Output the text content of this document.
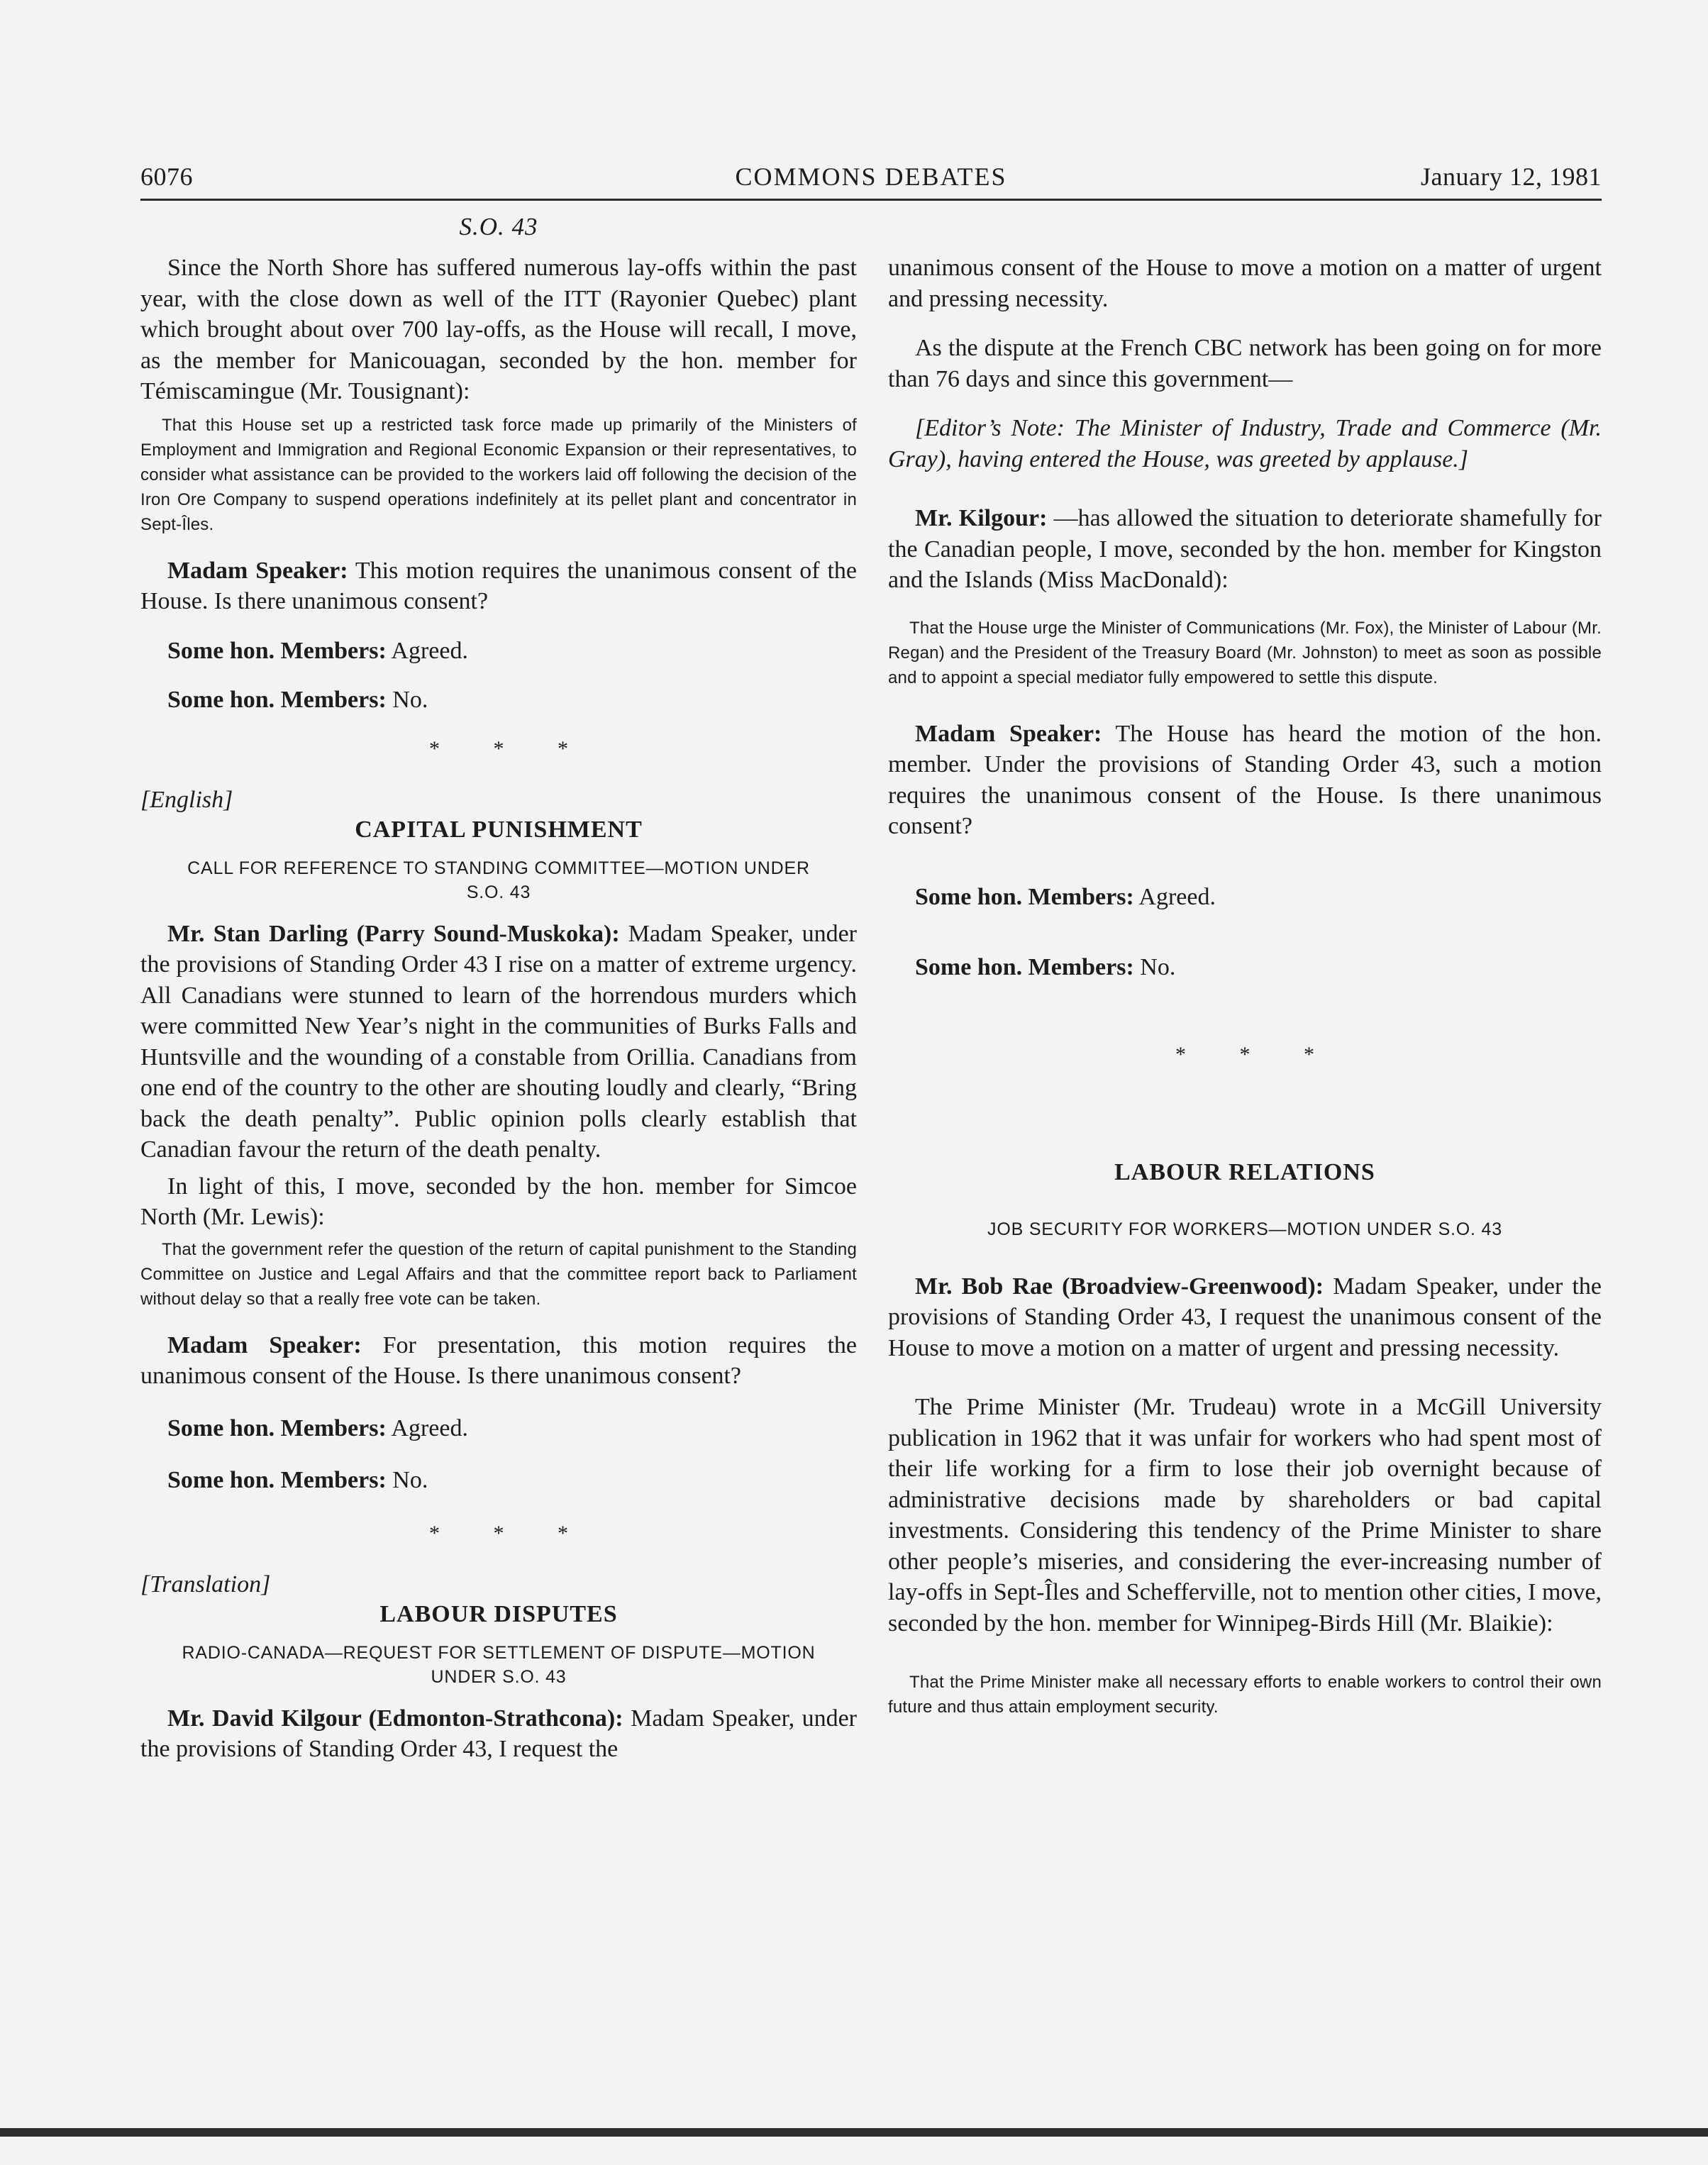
6076	COMMONS DEBATES	January 12, 1981
S.O. 43

Since the North Shore has suffered numerous lay-offs within the past year, with the close down as well of the ITT (Rayonier Quebec) plant which brought about over 700 lay-offs, as the House will recall, I move, as the member for Manicouagan, seconded by the hon. member for Témiscamingue (Mr. Tousignant):

That this House set up a restricted task force made up primarily of the Ministers of Employment and Immigration and Regional Economic Expansion or their representatives, to consider what assistance can be provided to the workers laid off following the decision of the Iron Ore Company to suspend operations indefinitely at its pellet plant and concentrator in Sept-Îles.

Madam Speaker: This motion requires the unanimous consent of the House. Is there unanimous consent?

Some hon. Members: Agreed.

Some hon. Members: No.

* * *
[English]
CAPITAL PUNISHMENT
CALL FOR REFERENCE TO STANDING COMMITTEE—MOTION UNDER S.O. 43

Mr. Stan Darling (Parry Sound-Muskoka): Madam Speaker, under the provisions of Standing Order 43 I rise on a matter of extreme urgency. All Canadians were stunned to learn of the horrendous murders which were committed New Year’s night in the communities of Burks Falls and Huntsville and the wounding of a constable from Orillia. Canadians from one end of the country to the other are shouting loudly and clearly, “Bring back the death penalty”. Public opinion polls clearly establish that Canadian favour the return of the death penalty.

In light of this, I move, seconded by the hon. member for Simcoe North (Mr. Lewis):

That the government refer the question of the return of capital punishment to the Standing Committee on Justice and Legal Affairs and that the committee report back to Parliament without delay so that a really free vote can be taken.

Madam Speaker: For presentation, this motion requires the unanimous consent of the House. Is there unanimous consent?

Some hon. Members: Agreed.

Some hon. Members: No.

* * *
[Translation]
LABOUR DISPUTES
RADIO-CANADA—REQUEST FOR SETTLEMENT OF DISPUTE—MOTION UNDER S.O. 43

Mr. David Kilgour (Edmonton-Strathcona): Madam Speaker, under the provisions of Standing Order 43, I request the

unanimous consent of the House to move a motion on a matter of urgent and pressing necessity.

As the dispute at the French CBC network has been going on for more than 76 days and since this government—

[Editor’s Note: The Minister of Industry, Trade and Commerce (Mr. Gray), having entered the House, was greeted by applause.]

Mr. Kilgour: —has allowed the situation to deteriorate shamefully for the Canadian people, I move, seconded by the hon. member for Kingston and the Islands (Miss MacDonald):

That the House urge the Minister of Communications (Mr. Fox), the Minister of Labour (Mr. Regan) and the President of the Treasury Board (Mr. Johnston) to meet as soon as possible and to appoint a special mediator fully empowered to settle this dispute.

Madam Speaker: The House has heard the motion of the hon. member. Under the provisions of Standing Order 43, such a motion requires the unanimous consent of the House. Is there unanimous consent?

Some hon. Members: Agreed.

Some hon. Members: No.

* * *
LABOUR RELATIONS
JOB SECURITY FOR WORKERS—MOTION UNDER S.O. 43

Mr. Bob Rae (Broadview-Greenwood): Madam Speaker, under the provisions of Standing Order 43, I request the unanimous consent of the House to move a motion on a matter of urgent and pressing necessity.

The Prime Minister (Mr. Trudeau) wrote in a McGill University publication in 1962 that it was unfair for workers who had spent most of their life working for a firm to lose their job overnight because of administrative decisions made by shareholders or bad capital investments. Considering this tendency of the Prime Minister to share other people’s miseries, and considering the ever-increasing number of lay-offs in Sept-Îles and Schefferville, not to mention other cities, I move, seconded by the hon. member for Winnipeg-Birds Hill (Mr. Blaikie):

That the Prime Minister make all necessary efforts to enable workers to control their own future and thus attain employment security.
